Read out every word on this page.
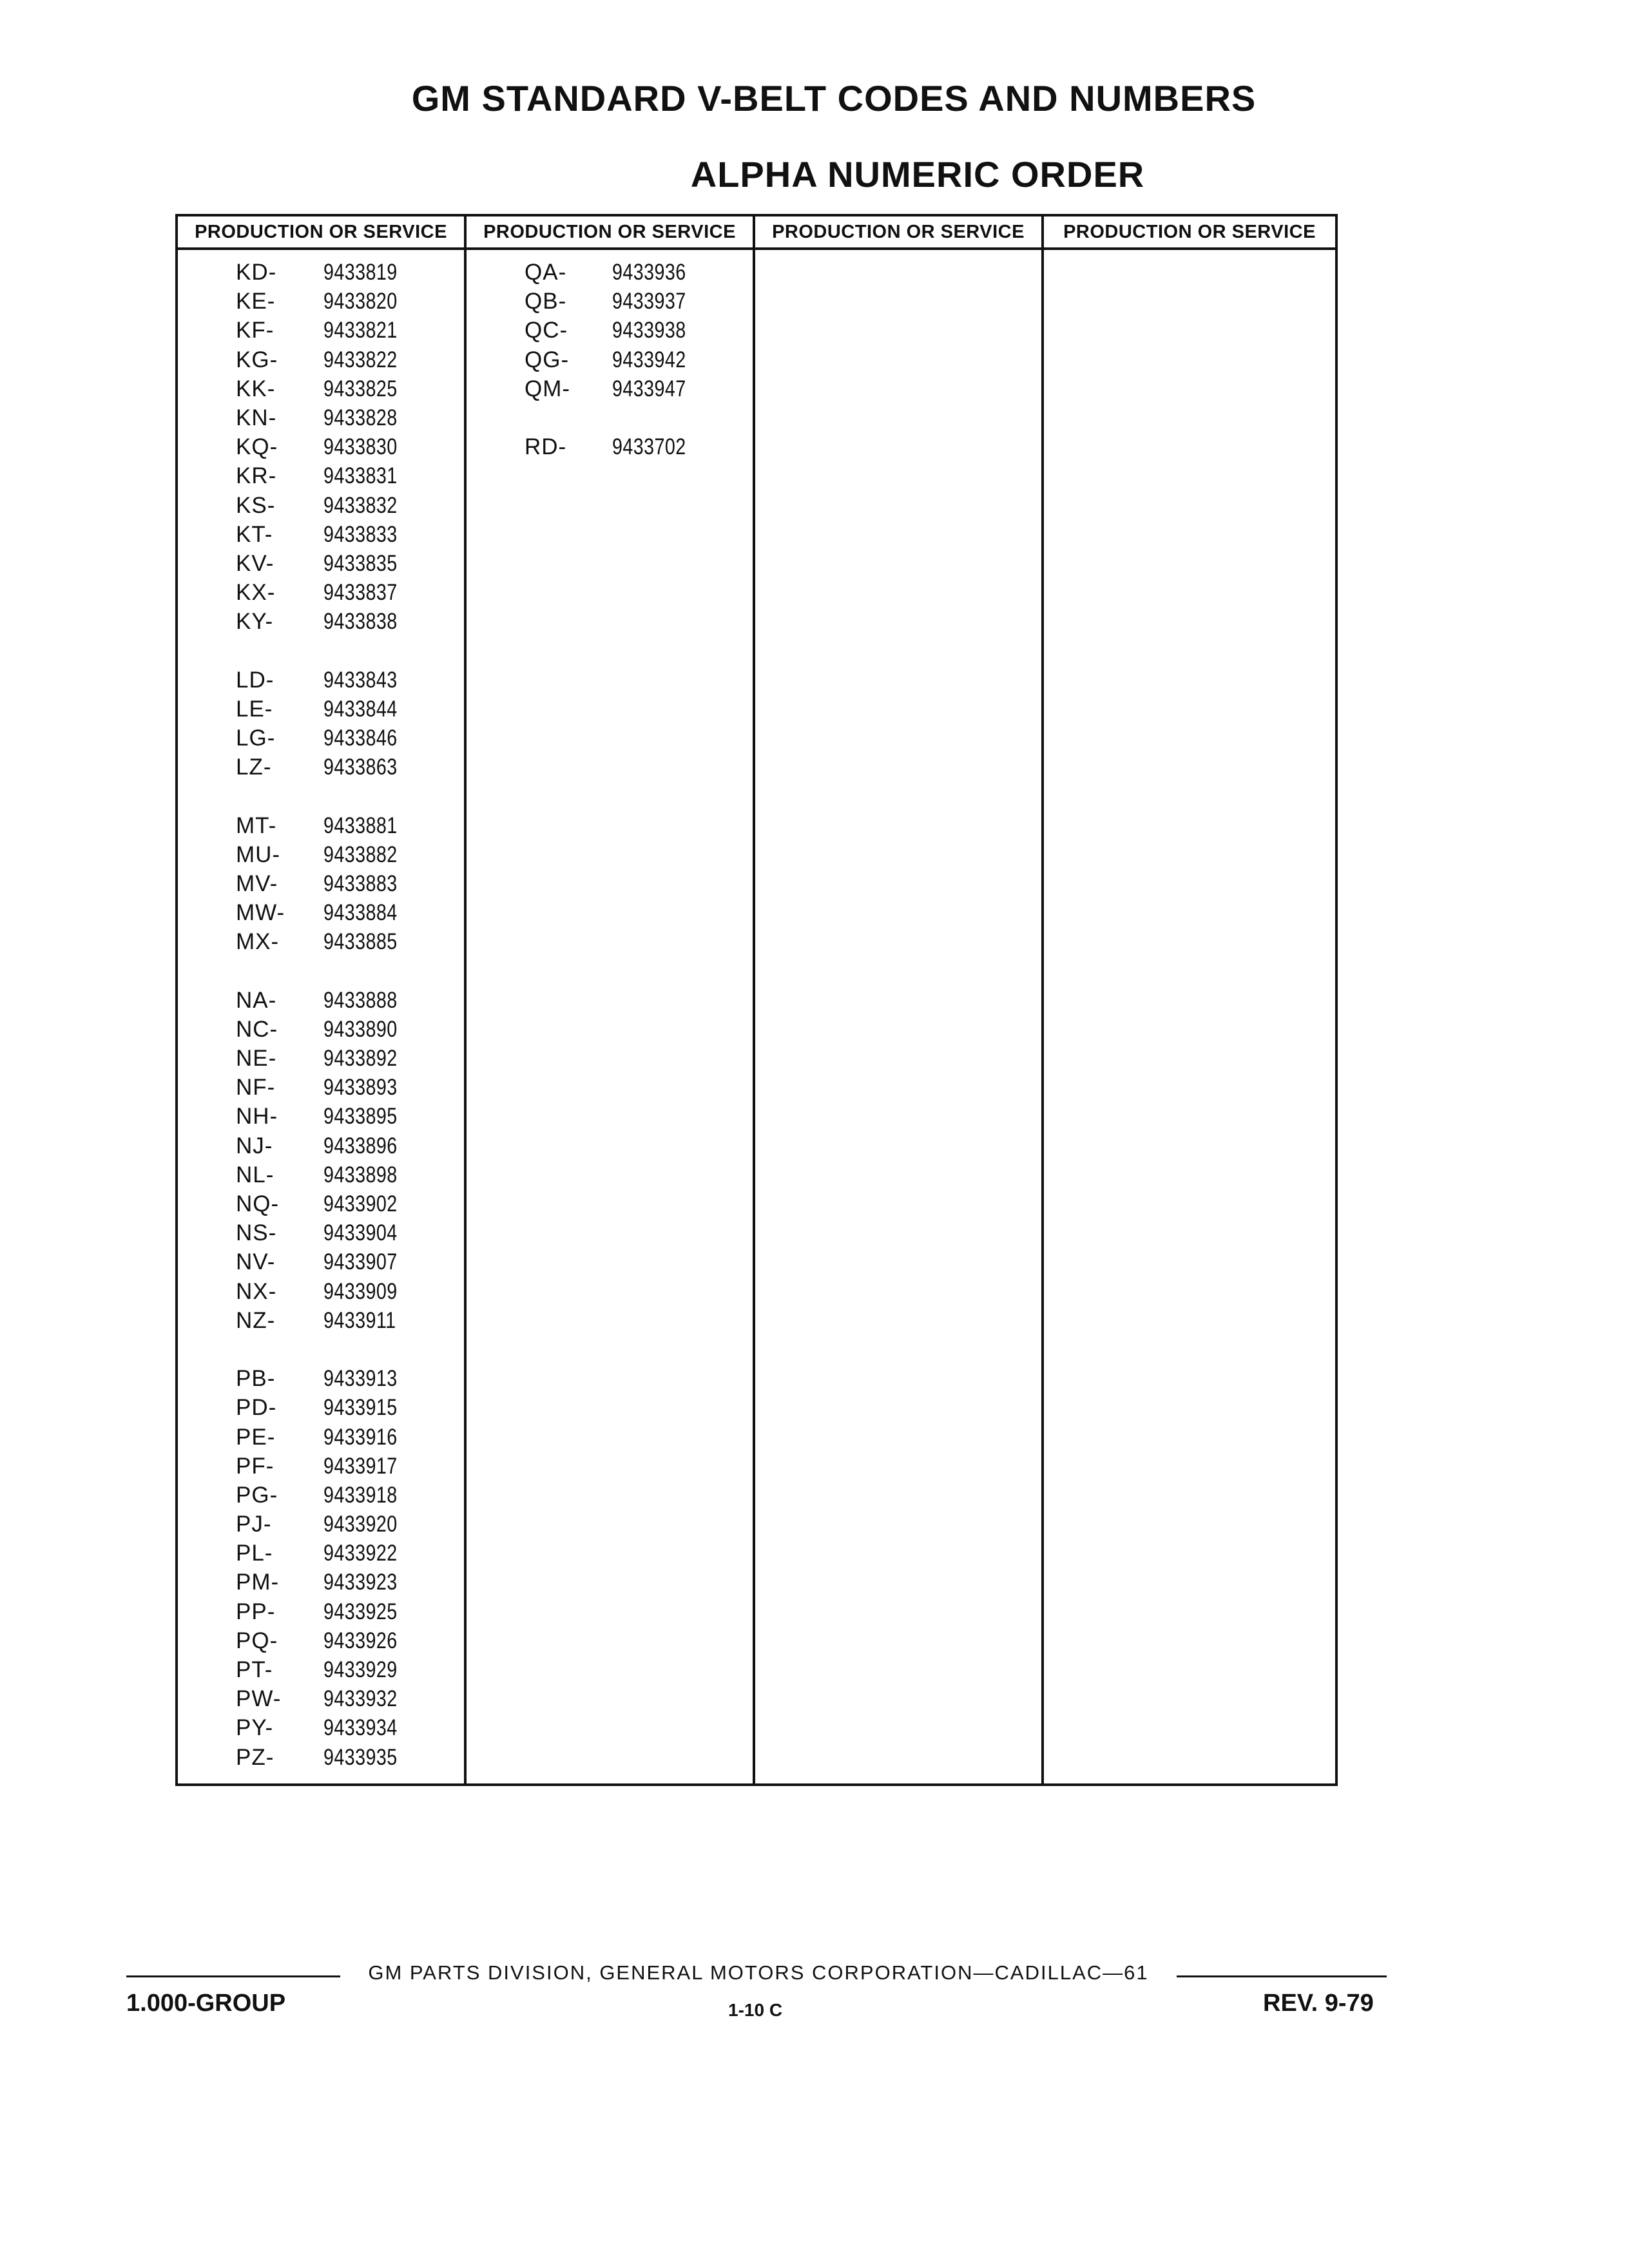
GM STANDARD V-BELT CODES AND NUMBERS
ALPHA NUMERIC ORDER
PRODUCTION OR SERVICE
KD- 9433819
KE- 9433820
KF- 9433821
KG- 9433822
KK- 9433825
KN- 9433828
KQ- 9433830
KR- 9433831
KS- 9433832
KT- 9433833
KV- 9433835
KX- 9433837
KY- 9433838
LD- 9433843
LE- 9433844
LG- 9433846
LZ- 9433863
MT- 9433881
MU- 9433882
MV- 9433883
MW- 9433884
MX- 9433885
NA- 9433888
NC- 9433890
NE- 9433892
NF- 9433893
NH- 9433895
NJ- 9433896
NL- 9433898
NQ- 9433902
NS- 9433904
NV- 9433907
NX- 9433909
NZ- 9433911
PB- 9433913
PD- 9433915
PE- 9433916
PF- 9433917
PG- 9433918
PJ- 9433920
PL- 9433922
PM- 9433923
PP- 9433925
PQ- 9433926
PT- 9433929
PW- 9433932
PY- 9433934
PZ- 9433935
PRODUCTION OR SERVICE
QA- 9433936
QB- 9433937
QC- 9433938
QG- 9433942
QM- 9433947
RD- 9433702
PRODUCTION OR SERVICE	PRODUCTION OR SERVICE
GM PARTS DIVISION, GENERAL MOTORS CORPORATION—CADILLAC—61
1.000-GROUP	1-10 C	REV. 9-79
